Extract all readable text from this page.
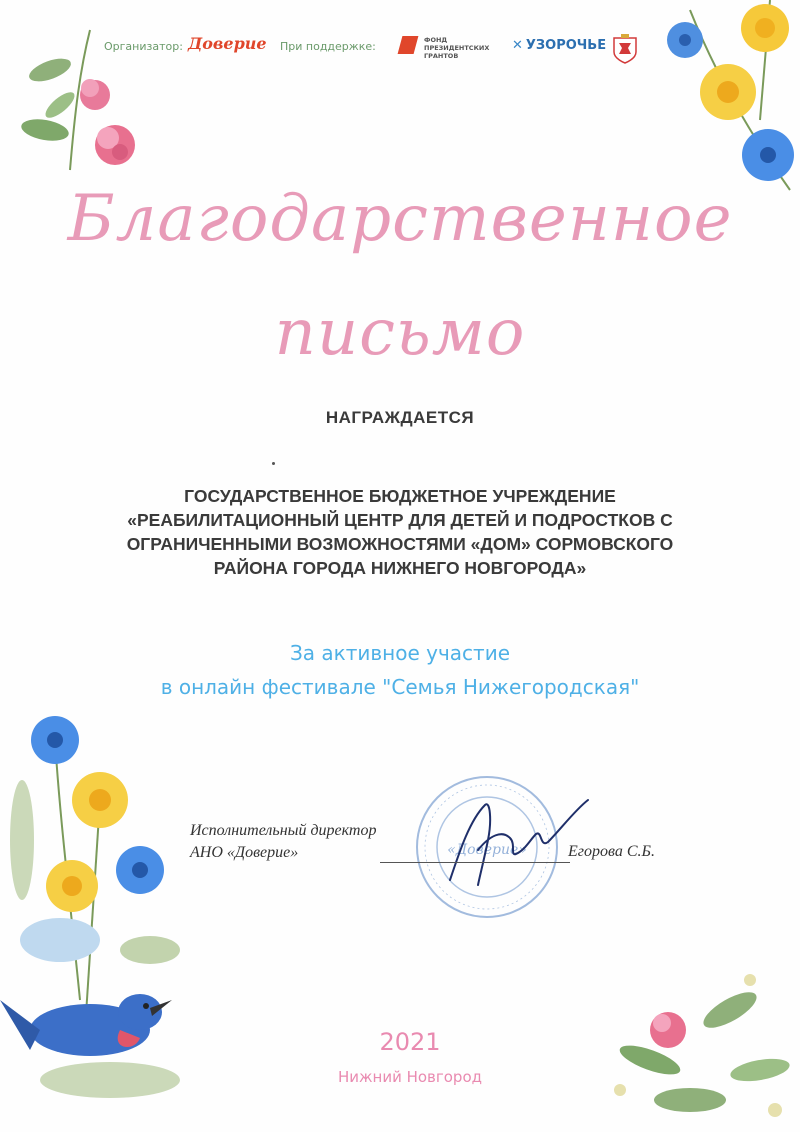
Организатор: Доверие При поддержке:	ФОНД
ПРЕЗИДЕНТСКИХ
ГРАНТОВ
✕ УЗОРОЧЬЕ
Благодарственное
письмо
НАГРАЖДАЕТСЯ
ГОСУДАРСТВЕННОЕ БЮДЖЕТНОЕ УЧРЕЖДЕНИЕ
«РЕАБИЛИТАЦИОННЫЙ ЦЕНТР ДЛЯ ДЕТЕЙ И ПОДРОСТКОВ С
ОГРАНИЧЕННЫМИ ВОЗМОЖНОСТЯМИ «ДОМ» СОРМОВСКОГО
РАЙОНА ГОРОДА НИЖНЕГО НОВГОРОДА»
За активное участие
в онлайн фестивале "Семья Нижегородская"
Исполнительный директор
АНО «Доверие»	«Доверие»	Егорова С.Б.
2021
Нижний Новгород
